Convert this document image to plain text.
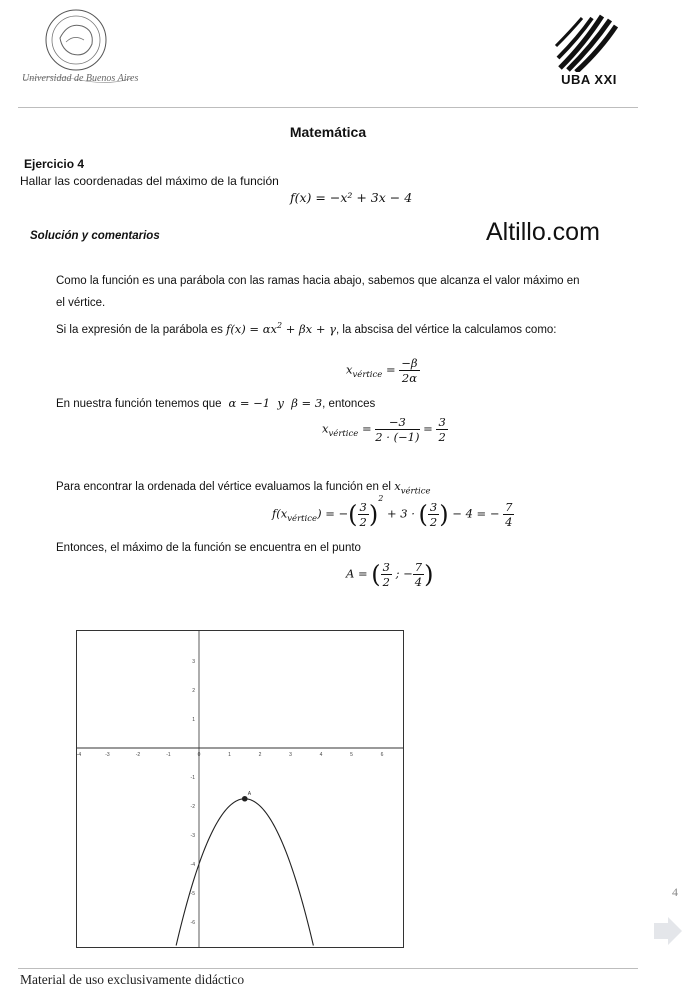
Universidad de Buenos Aires	UBA XXI
Matemática
Ejercicio 4
Hallar las coordenadas del máximo de la función
f(x) = −x² + 3x − 4
Solución y comentarios	Altillo.com
Como la función es una parábola con las ramas hacia abajo, sabemos que alcanza el valor máximo en
el vértice.
Si la expresión de la parábola es $f(x) = \alpha x^2 + \beta x + \gamma$, la abscisa del vértice la calculamos como:
$x_{vértice} = \frac{-\beta}{2\alpha}$
En nuestra función tenemos que  α = −1  y  β = 3, entonces
$x_{vértice} = \frac{-3}{2 \cdot (-1)} = \frac{3}{2}$
Para encontrar la ordenada del vértice evaluamos la función en el $x_{vértice}$
$f(x_{vértice})$ = −( $\frac{3}{2} )^2 + 3$ · ( $\frac{3}{2}$ ) − 4 = − $\frac{7}{4}$
Entonces, el máximo de la función se encuentra en el punto
A = ( $\frac{3}{2}$ ; − $\frac{7}{4}$ )
-4	-3	-2	-1	0	1	2	3	4	5	6
3
2
1
-1
-2
-3
-4
-5
-6
A
4
Material de uso exclusivamente didáctico
